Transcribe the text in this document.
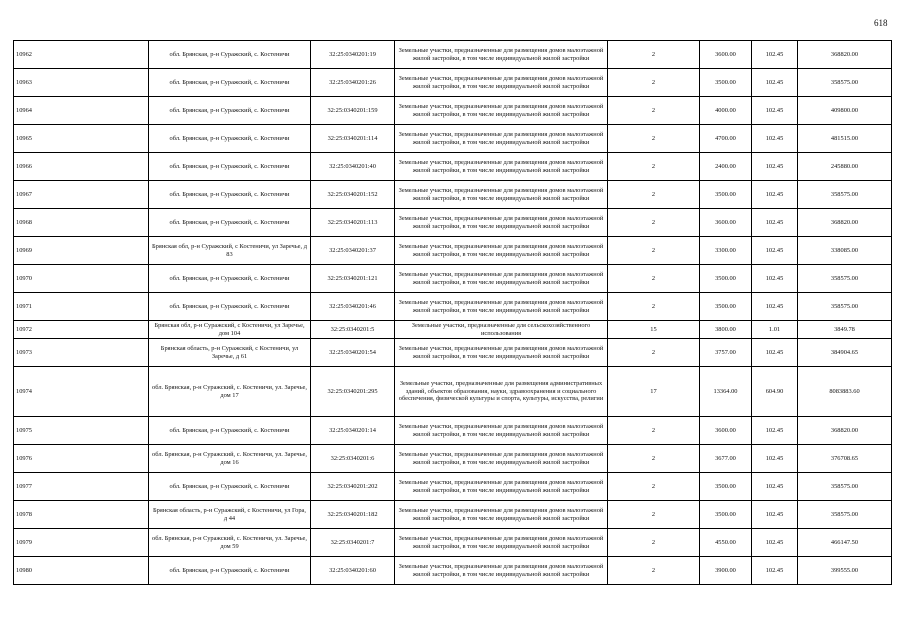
618
10962	обл. Брянская, р-н Суражский, с. Костеничи	32:25:0340201:19	Земельные участки, предназначенные для размещения домов малоэтажной жилой застройки, в том числе индивидуальной жилой застройки	2	3600.00	102.45	368820.00
10963	обл. Брянская, р-н Суражский, с. Костеничи	32:25:0340201:26	Земельные участки, предназначенные для размещения домов малоэтажной жилой застройки, в том числе индивидуальной жилой застройки	2	3500.00	102.45	358575.00
10964	обл. Брянская, р-н Суражский, с. Костеничи	32:25:0340201:159	Земельные участки, предназначенные для размещения домов малоэтажной жилой застройки, в том числе индивидуальной жилой застройки	2	4000.00	102.45	409800.00
10965	обл. Брянская, р-н Суражский, с. Костеничи	32:25:0340201:114	Земельные участки, предназначенные для размещения домов малоэтажной жилой застройки, в том числе индивидуальной жилой застройки	2	4700.00	102.45	481515.00
10966	обл. Брянская, р-н Суражский, с. Костеничи	32:25:0340201:40	Земельные участки, предназначенные для размещения домов малоэтажной жилой застройки, в том числе индивидуальной жилой застройки	2	2400.00	102.45	245880.00
10967	обл. Брянская, р-н Суражский, с. Костеничи	32:25:0340201:152	Земельные участки, предназначенные для размещения домов малоэтажной жилой застройки, в том числе индивидуальной жилой застройки	2	3500.00	102.45	358575.00
10968	обл. Брянская, р-н Суражский, с. Костеничи	32:25:0340201:113	Земельные участки, предназначенные для размещения домов малоэтажной жилой застройки, в том числе индивидуальной жилой застройки	2	3600.00	102.45	368820.00
10969	Брянская обл, р-н Суражский, с Костеничи, ул Заречье, д 83	32:25:0340201:37	Земельные участки, предназначенные для размещения домов малоэтажной жилой застройки, в том числе индивидуальной жилой застройки	2	3300.00	102.45	338085.00
10970	обл. Брянская, р-н Суражский, с. Костеничи	32:25:0340201:121	Земельные участки, предназначенные для размещения домов малоэтажной жилой застройки, в том числе индивидуальной жилой застройки	2	3500.00	102.45	358575.00
10971	обл. Брянская, р-н Суражский, с. Костеничи	32:25:0340201:46	Земельные участки, предназначенные для размещения домов малоэтажной жилой застройки, в том числе индивидуальной жилой застройки	2	3500.00	102.45	358575.00
10972	Брянская обл, р-н Суражский, с Костеничи, ул Заречье, дом 104	32:25:0340201:5	Земельные участки, предназначенные для сельскохозяйственного использования	15	3800.00	1.01	3849.78
10973	Брянская область, р-н Суражский, с Костеничи, ул Заречье, д 61	32:25:0340201:54	Земельные участки, предназначенные для размещения домов малоэтажной жилой застройки, в том числе индивидуальной жилой застройки	2	3757.00	102.45	384904.65
10974	обл. Брянская, р-н Суражский, с. Костеничи, ул. Заречье, дом 17	32:25:0340201:295	Земельные участки, предназначенные для размещения административных зданий, объектов образования, науки, здравоохранения и социального обеспечения, физической культуры и спорта, культуры, искусства, религии	17	13364.00	604.90	8083883.60
10975	обл. Брянская, р-н Суражский, с. Костеничи	32:25:0340201:14	Земельные участки, предназначенные для размещения домов малоэтажной жилой застройки, в том числе индивидуальной жилой застройки	2	3600.00	102.45	368820.00
10976	обл. Брянская, р-н Суражский, с. Костеничи, ул. Заречье, дом 16	32:25:0340201:6	Земельные участки, предназначенные для размещения домов малоэтажной жилой застройки, в том числе индивидуальной жилой застройки	2	3677.00	102.45	376708.65
10977	обл. Брянская, р-н Суражский, с. Костеничи	32:25:0340201:202	Земельные участки, предназначенные для размещения домов малоэтажной жилой застройки, в том числе индивидуальной жилой застройки	2	3500.00	102.45	358575.00
10978	Брянская область, р-н Суражский, с Костеничи, ул Гора, д 44	32:25:0340201:182	Земельные участки, предназначенные для размещения домов малоэтажной жилой застройки, в том числе индивидуальной жилой застройки	2	3500.00	102.45	358575.00
10979	обл. Брянская, р-н Суражский, с. Костеничи, ул. Заречье, дом 59	32:25:0340201:7	Земельные участки, предназначенные для размещения домов малоэтажной жилой застройки, в том числе индивидуальной жилой застройки	2	4550.00	102.45	466147.50
10980	обл. Брянская, р-н Суражский, с. Костеничи	32:25:0340201:60	Земельные участки, предназначенные для размещения домов малоэтажной жилой застройки, в том числе индивидуальной жилой застройки	2	3900.00	102.45	399555.00
